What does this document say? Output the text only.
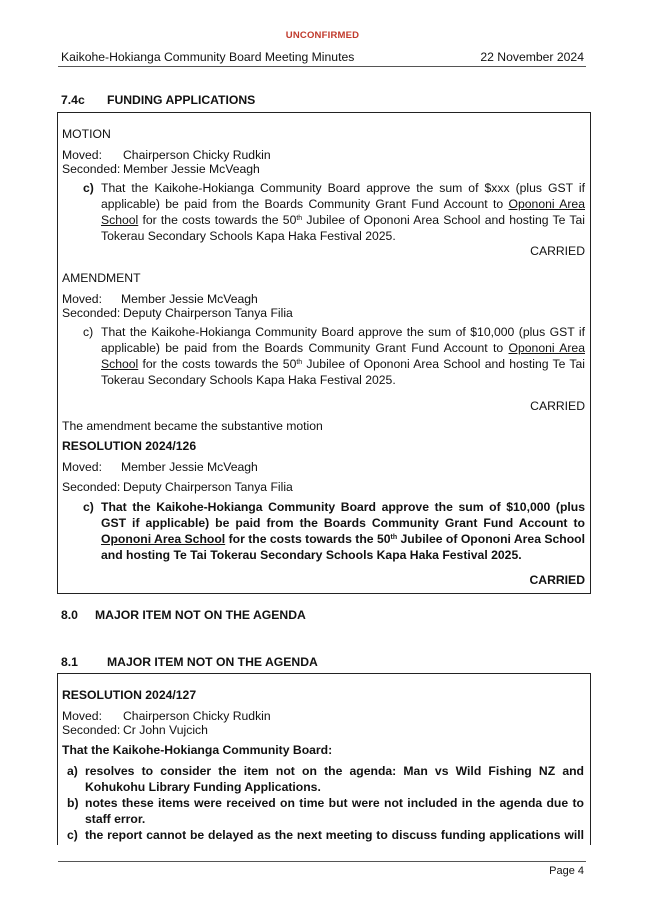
UNCONFIRMED
Kaikohe-Hokianga Community Board Meeting Minutes	22 November 2024
7.4c FUNDING APPLICATIONS
MOTION
Moved: Chairperson Chicky Rudkin
Seconded: Member Jessie McVeagh
c) That the Kaikohe-Hokianga Community Board approve the sum of $xxx (plus GST if applicable) be paid from the Boards Community Grant Fund Account to Opononi Area School for the costs towards the 50th Jubilee of Opononi Area School and hosting Te Tai Tokerau Secondary Schools Kapa Haka Festival 2025.
CARRIED
AMENDMENT
Moved: Member Jessie McVeagh
Seconded: Deputy Chairperson Tanya Filia
c) That the Kaikohe-Hokianga Community Board approve the sum of $10,000 (plus GST if applicable) be paid from the Boards Community Grant Fund Account to Opononi Area School for the costs towards the 50th Jubilee of Opononi Area School and hosting Te Tai Tokerau Secondary Schools Kapa Haka Festival 2025.
CARRIED
The amendment became the substantive motion
RESOLUTION 2024/126
Moved: Member Jessie McVeagh
Seconded: Deputy Chairperson Tanya Filia
c) That the Kaikohe-Hokianga Community Board approve the sum of $10,000 (plus GST if applicable) be paid from the Boards Community Grant Fund Account to Opononi Area School for the costs towards the 50th Jubilee of Opononi Area School and hosting Te Tai Tokerau Secondary Schools Kapa Haka Festival 2025.
CARRIED
8.0 MAJOR ITEM NOT ON THE AGENDA
8.1 MAJOR ITEM NOT ON THE AGENDA
RESOLUTION 2024/127
Moved: Chairperson Chicky Rudkin
Seconded: Cr John Vujcich
That the Kaikohe-Hokianga Community Board:
a) resolves to consider the item not on the agenda: Man vs Wild Fishing NZ and Kohukohu Library Funding Applications.
b) notes these items were received on time but were not included in the agenda due to staff error.
c) the report cannot be delayed as the next meeting to discuss funding applications will
Page 4
